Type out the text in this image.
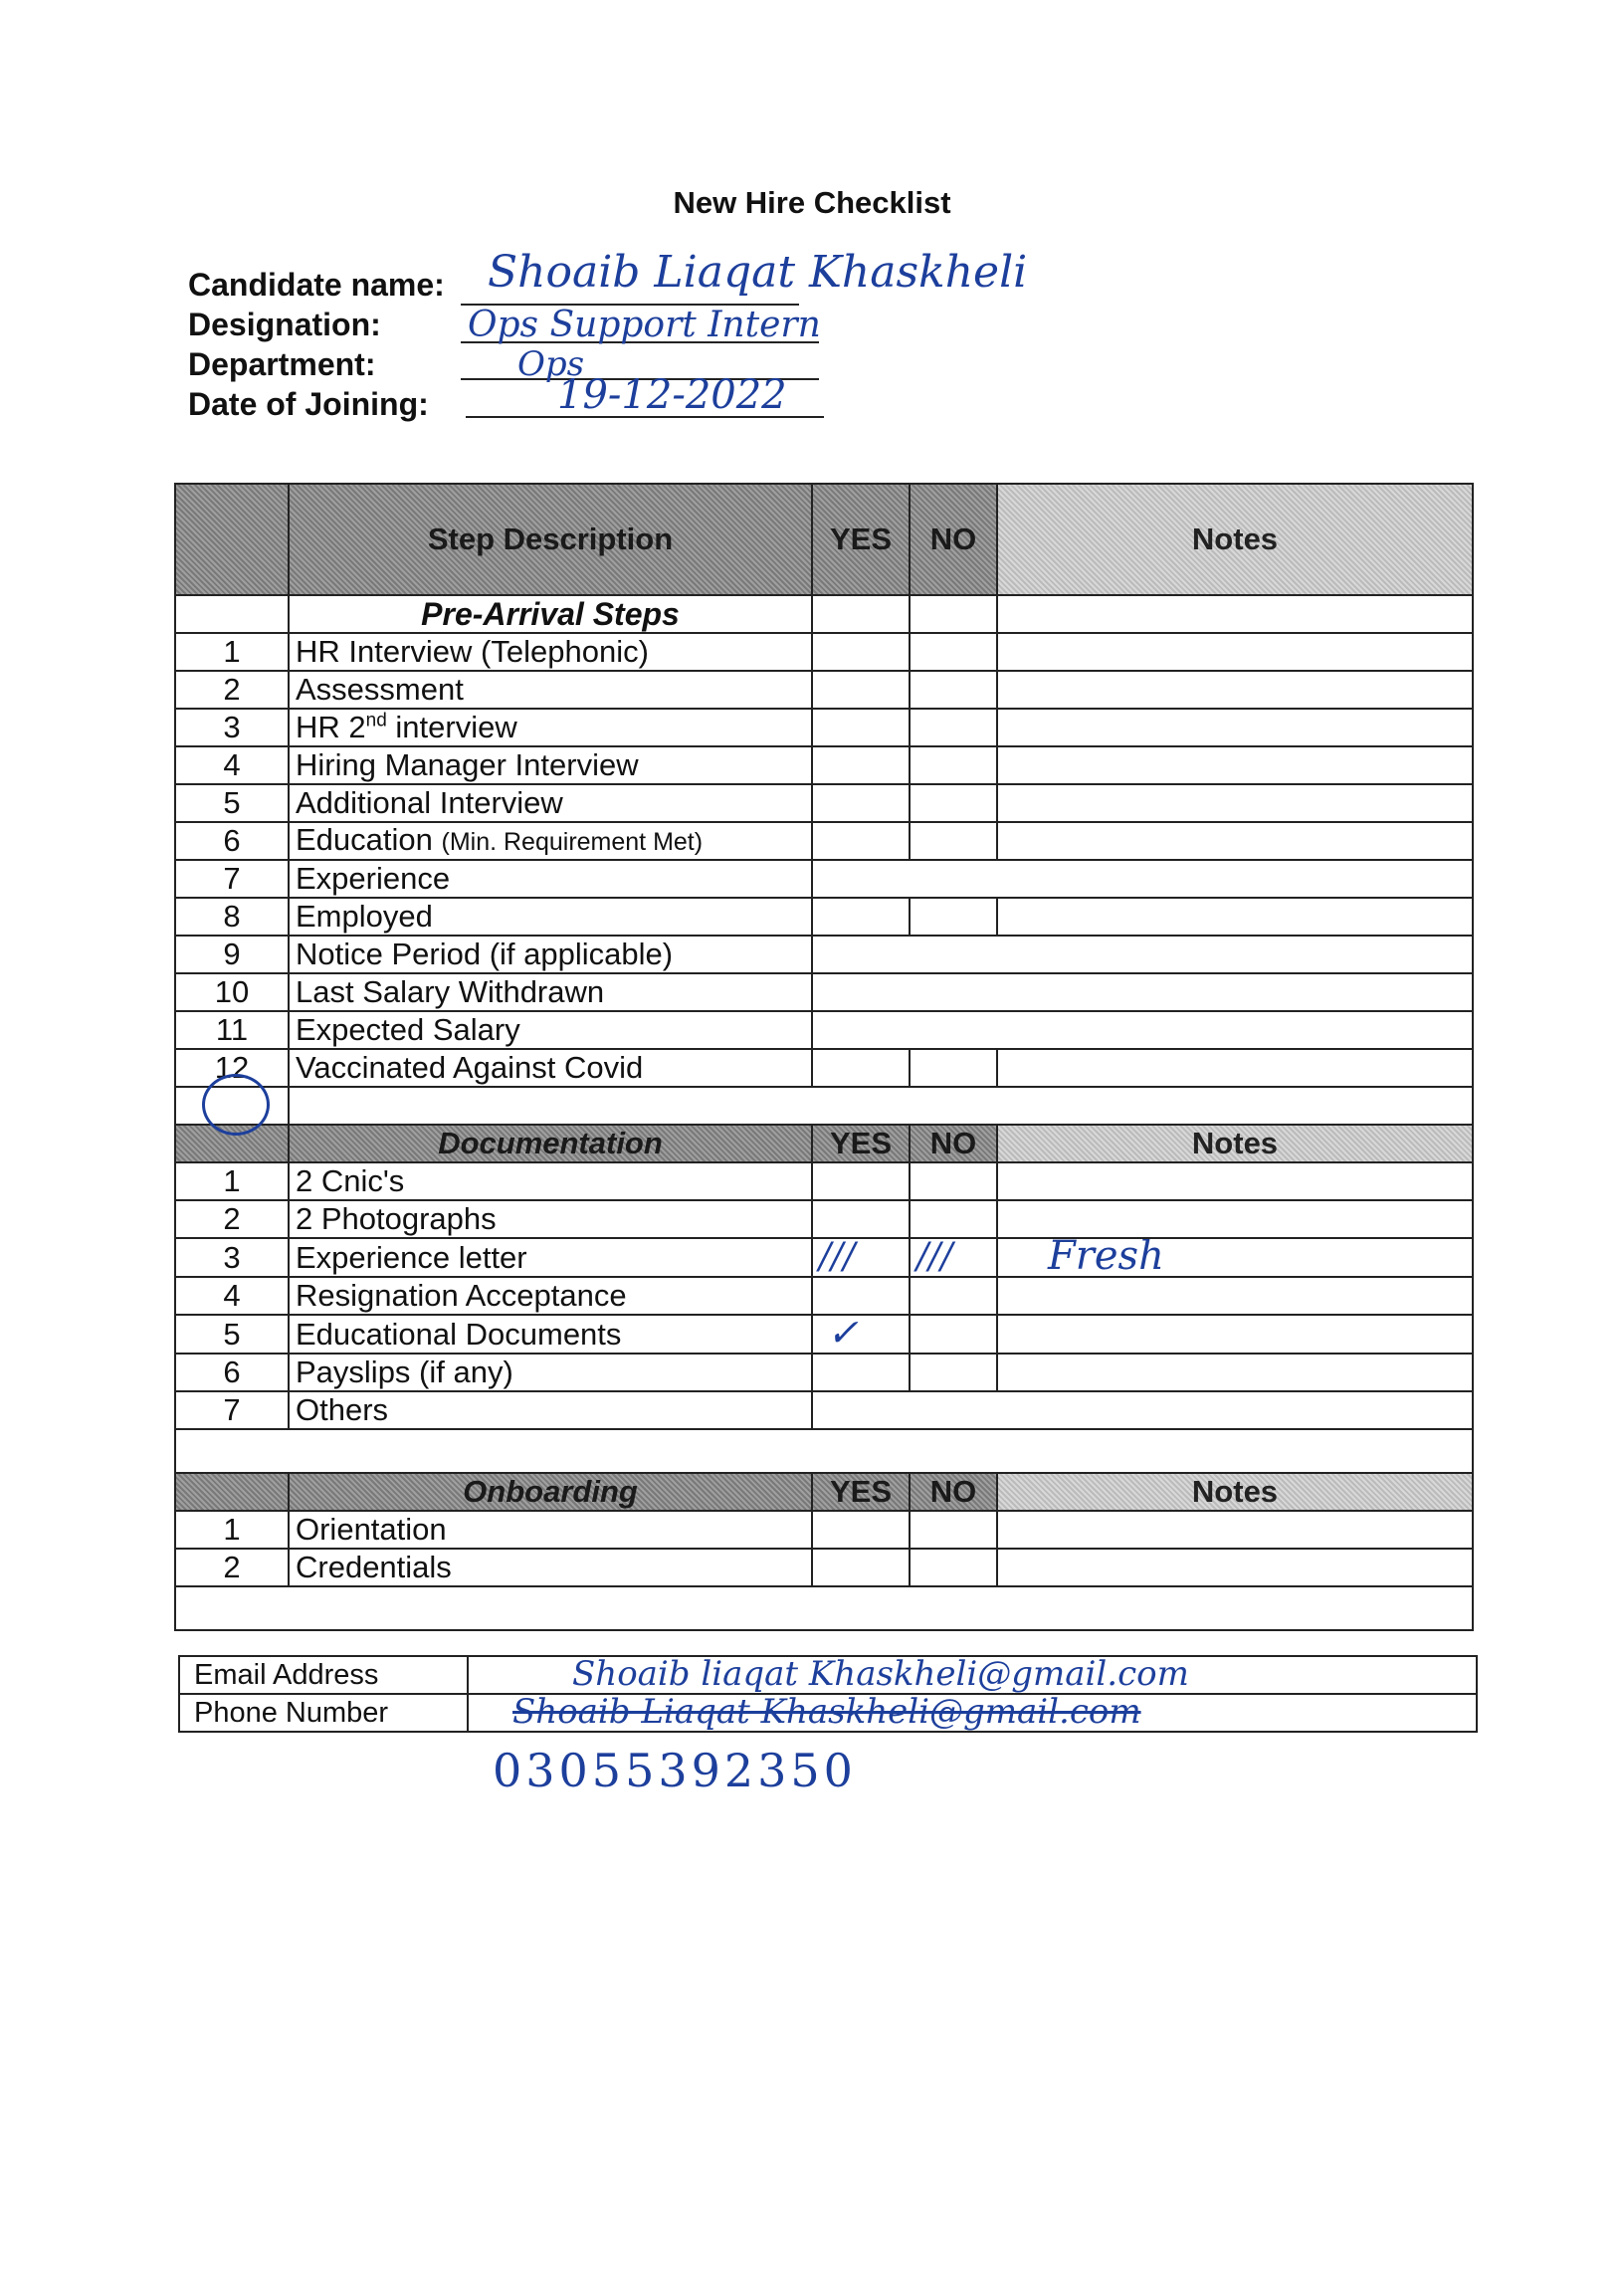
New Hire Checklist
Candidate name: Shoaib Liaqat Khaskheli
Designation: Ops Support Intern
Department:	Ops
Date of Joining:	19-12-2022
	Step Description	YES	NO	Notes
	Pre-Arrival Steps			
1	HR Interview (Telephonic)			
2	Assessment			
3	HR 2nd interview			
4	Hiring Manager Interview			
5	Additional Interview			
6	Education (Min. Requirement Met)			
7	Experience			
8	Employed			
9	Notice Period (if applicable)			
10	Last Salary Withdrawn			
11	Expected Salary			
12	Vaccinated Against Covid			

	Documentation	YES	NO	Notes
1	2 Cnic's			
2	2 Photographs			
3	Experience letter	///	///	Fresh
4	Resignation Acceptance			
5	Educational Documents	✓		
6	Payslips (if any)			
7	Others			

	Onboarding	YES	NO	Notes
1	Orientation			
2	Credentials			

Email Address	Shoaib liaqat Khaskheli@gmail.com
Phone Number	Shoaib Liaqat Khaskheli@gmail.com
03055392350
